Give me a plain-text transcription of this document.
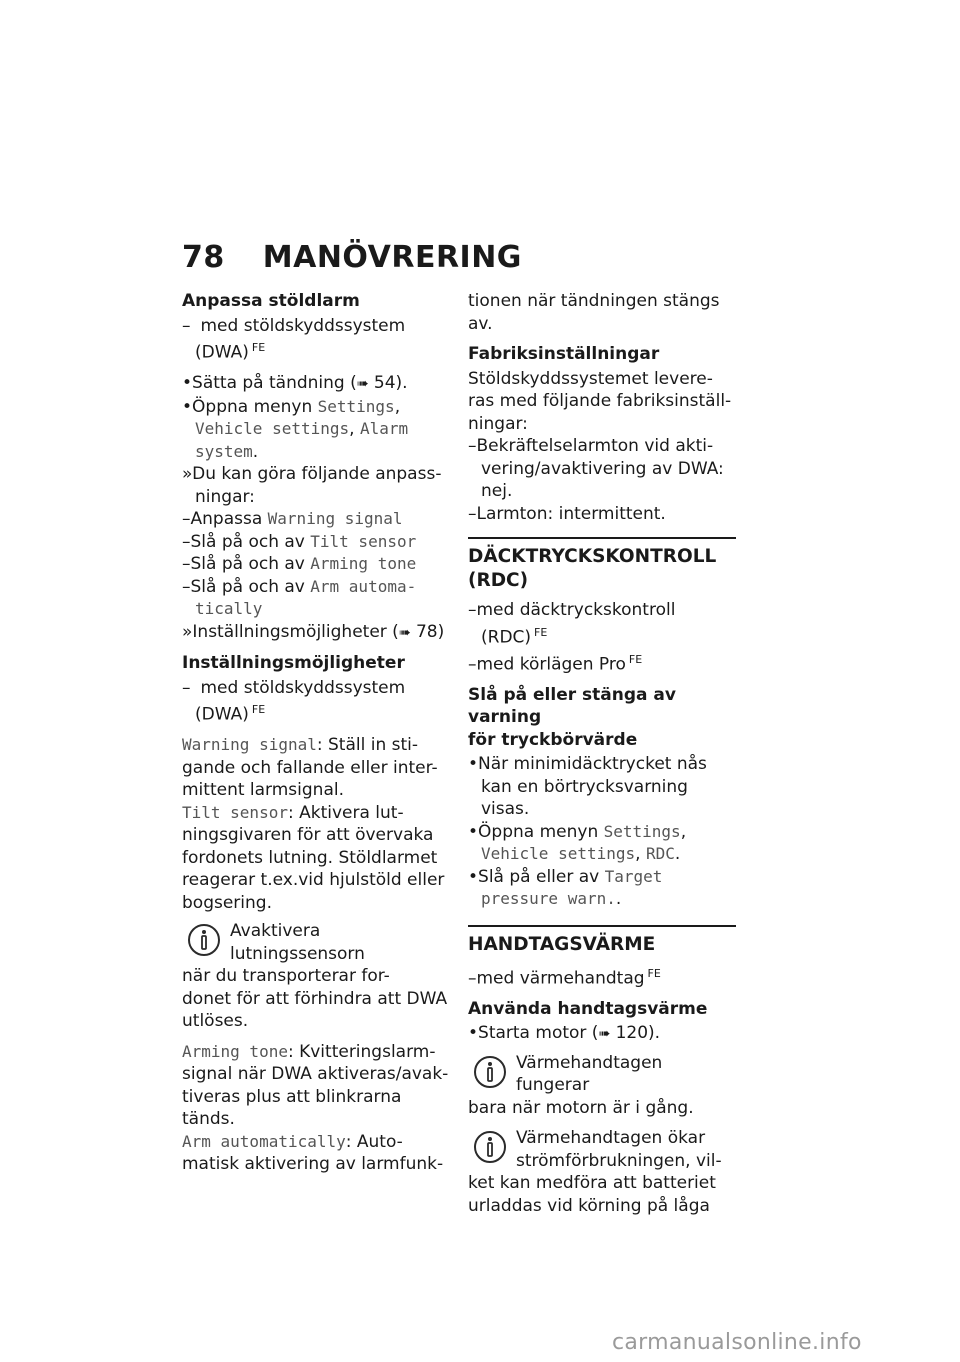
78 MANÖVRERING
Anpassa stöldlarm
– med stöldskyddssystem
(DWA) $^{FE}$
•Sätta på tändning (➠ 54).
•Öppna menyn Settings,
Vehicle settings, Alarm
system.
»Du kan göra följande anpass-
ningar:
–Anpassa Warning signal
–Slå på och av Tilt sensor
–Slå på och av Arming tone
–Slå på och av Arm automa-
tically
»Inställningsmöjligheter (➠ 78)
Inställningsmöjligheter
– med stöldskyddssystem
(DWA) $^{FE}$
Warning signal: Ställ in sti-
gande och fallande eller inter-
mittent larmsignal.
Tilt sensor: Aktivera lut-
ningsgivaren för att övervaka
fordonets lutning. Stöldlarmet
reagerar t.ex.vid hjulstöld eller
bogsering.
Avaktivera lutningssensorn
när du transporterar for-
donet för att förhindra att DWA
utlöses.
Arming tone: Kvitteringslarm-
signal när DWA aktiveras/avak-
tiveras plus att blinkrarna tänds.
Arm automatically: Auto-
matisk aktivering av larmfunk-
tionen när tändningen stängs
av.
Fabriksinställningar
Stöldskyddssystemet levere-
ras med följande fabriksinställ-
ningar:
–Bekräftelselarmton vid akti-
vering/avaktivering av DWA:
nej.
–Larmton: intermittent.
DÄCKTRYCKSKONTROLL
(RDC)
–med däcktryckskontroll
(RDC) $^{FE}$
–med körlägen Pro $^{FE}$
Slå på eller stänga av varning
för tryckbörvärde
•När minimidäcktrycket nås
kan en börtrycksvarning visas.
•Öppna menyn Settings,
Vehicle settings, RDC.
•Slå på eller av Target
pressure warn..
HANDTAGSVÄRME
–med värmehandtag $^{FE}$
Använda handtagsvärme
•Starta motor (➠ 120).
Värmehandtagen fungerar
bara när motorn är i gång.
Värmehandtagen ökar
strömförbrukningen, vil-
ket kan medföra att batteriet
urladdas vid körning på låga
carmanualsonline.info
